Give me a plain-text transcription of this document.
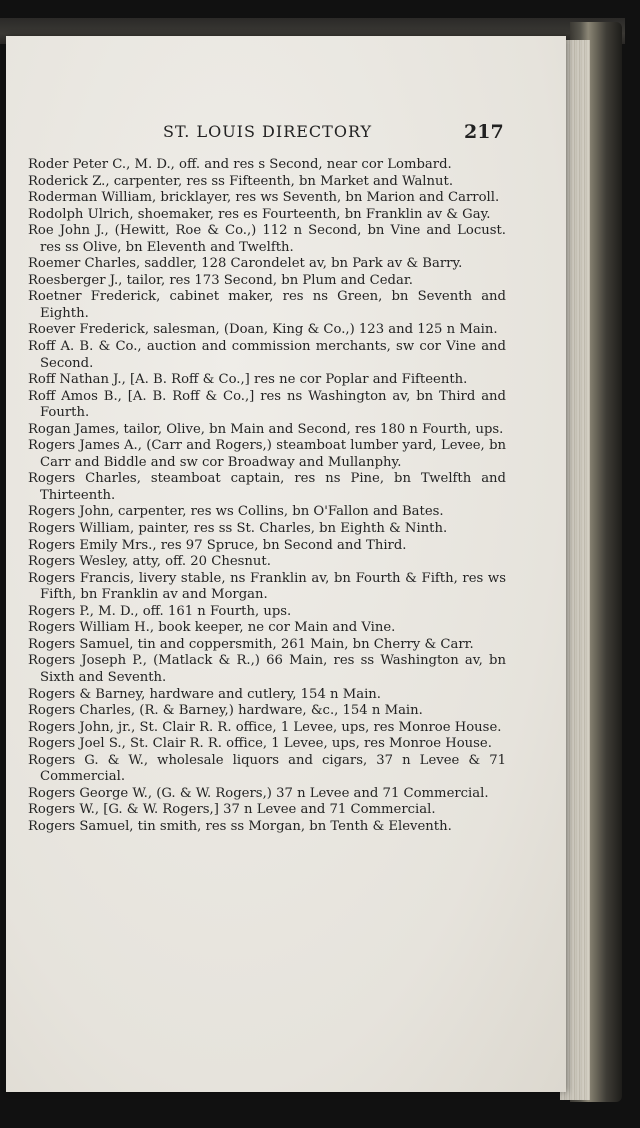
ST. LOUIS DIRECTORY	217
Roder Peter C., M. D., off. and res s Second, near cor Lombard.
Roderick Z., carpenter, res ss Fifteenth, bn Market and Walnut.
Roderman William, bricklayer, res ws Seventh, bn Marion and Carroll.
Rodolph Ulrich, shoemaker, res es Fourteenth, bn Franklin av & Gay.
Roe John J., (Hewitt, Roe & Co.,) 112 n Second, bn Vine and Locust. res ss Olive, bn Eleventh and Twelfth.
Roemer Charles, saddler, 128 Carondelet av, bn Park av & Barry.
Roesberger J., tailor, res 173 Second, bn Plum and Cedar.
Roetner Frederick, cabinet maker, res ns Green, bn Seventh and Eighth.
Roever Frederick, salesman, (Doan, King & Co.,) 123 and 125 n Main.
Roff A. B. & Co., auction and commission merchants, sw cor Vine and Second.
Roff Nathan J., [A. B. Roff & Co.,] res ne cor Poplar and Fifteenth.
Roff Amos B., [A. B. Roff & Co.,] res ns Washington av, bn Third and Fourth.
Rogan James, tailor, Olive, bn Main and Second, res 180 n Fourth, ups.
Rogers James A., (Carr and Rogers,) steamboat lumber yard, Levee, bn Carr and Biddle and sw cor Broadway and Mullanphy.
Rogers Charles, steamboat captain, res ns Pine, bn Twelfth and Thirteenth.
Rogers John, carpenter, res ws Collins, bn O'Fallon and Bates.
Rogers William, painter, res ss St. Charles, bn Eighth & Ninth.
Rogers Emily Mrs., res 97 Spruce, bn Second and Third.
Rogers Wesley, atty, off. 20 Chesnut.
Rogers Francis, livery stable, ns Franklin av, bn Fourth & Fifth, res ws Fifth, bn Franklin av and Morgan.
Rogers P., M. D., off. 161 n Fourth, ups.
Rogers William H., book keeper, ne cor Main and Vine.
Rogers Samuel, tin and coppersmith, 261 Main, bn Cherry & Carr.
Rogers Joseph P., (Matlack & R.,) 66 Main, res ss Washington av, bn Sixth and Seventh.
Rogers & Barney, hardware and cutlery, 154 n Main.
Rogers Charles, (R. & Barney,) hardware, &c., 154 n Main.
Rogers John, jr., St. Clair R. R. office, 1 Levee, ups, res Monroe House.
Rogers Joel S., St. Clair R. R. office, 1 Levee, ups, res Monroe House.
Rogers G. & W., wholesale liquors and cigars, 37 n Levee & 71 Commercial.
Rogers George W., (G. & W. Rogers,) 37 n Levee and 71 Commercial.
Rogers W., [G. & W. Rogers,] 37 n Levee and 71 Commercial.
Rogers Samuel, tin smith, res ss Morgan, bn Tenth & Eleventh.
